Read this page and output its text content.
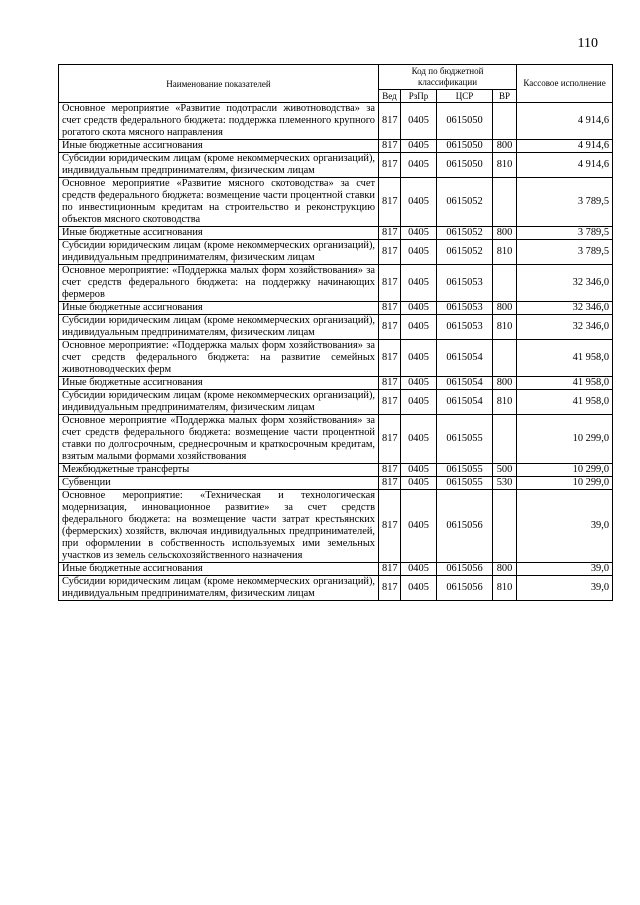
110
Наименование показателей	Код по бюджетной классификации				Кассовое исполнение
	Вед	РзПр	ЦСР	ВР	
Основное мероприятие «Развитие подотрасли животноводства» за счет средств федерального бюджета: поддержка племенного крупного рогатого скота мясного направления	817	0405	0615050		4 914,6
Иные бюджетные ассигнования	817	0405	0615050	800	4 914,6
Субсидии юридическим лицам (кроме некоммерческих организаций), индивидуальным предпринимателям, физическим лицам	817	0405	0615050	810	4 914,6
Основное мероприятие «Развитие мясного скотоводства» за счет средств федерального бюджета: возмещение части процентной ставки по инвестиционным кредитам на строительство и реконструкцию объектов мясного скотоводства	817	0405	0615052		3 789,5
Иные бюджетные ассигнования	817	0405	0615052	800	3 789,5
Субсидии юридическим лицам (кроме некоммерческих организаций), индивидуальным предпринимателям, физическим лицам	817	0405	0615052	810	3 789,5
Основное мероприятие: «Поддержка малых форм хозяйствования» за счет средств федерального бюджета: на поддержку начинающих фермеров	817	0405	0615053		32 346,0
Иные бюджетные ассигнования	817	0405	0615053	800	32 346,0
Субсидии юридическим лицам (кроме некоммерческих организаций), индивидуальным предпринимателям, физическим лицам	817	0405	0615053	810	32 346,0
Основное мероприятие: «Поддержка малых форм хозяйствования» за счет средств федерального бюджета: на развитие семейных животноводческих ферм	817	0405	0615054		41 958,0
Иные бюджетные ассигнования	817	0405	0615054	800	41 958,0
Субсидии юридическим лицам (кроме некоммерческих организаций), индивидуальным предпринимателям, физическим лицам	817	0405	0615054	810	41 958,0
Основное мероприятие «Поддержка малых форм хозяйствования» за счет средств федерального бюджета: возмещение части процентной ставки по долгосрочным, среднесрочным и краткосрочным кредитам, взятым малыми формами хозяйствования	817	0405	0615055		10 299,0
Межбюджетные трансферты	817	0405	0615055	500	10 299,0
Субвенции	817	0405	0615055	530	10 299,0
Основное мероприятие: «Техническая и технологическая модернизация, инновационное развитие» за счет средств федерального бюджета: на возмещение части затрат крестьянских (фермерских) хозяйств, включая индивидуальных предпринимателей, при оформлении в собственность используемых ими земельных участков из земель сельскохозяйственного назначения	817	0405	0615056		39,0
Иные бюджетные ассигнования	817	0405	0615056	800	39,0
Субсидии юридическим лицам (кроме некоммерческих организаций), индивидуальным предпринимателям, физическим лицам	817	0405	0615056	810	39,0
